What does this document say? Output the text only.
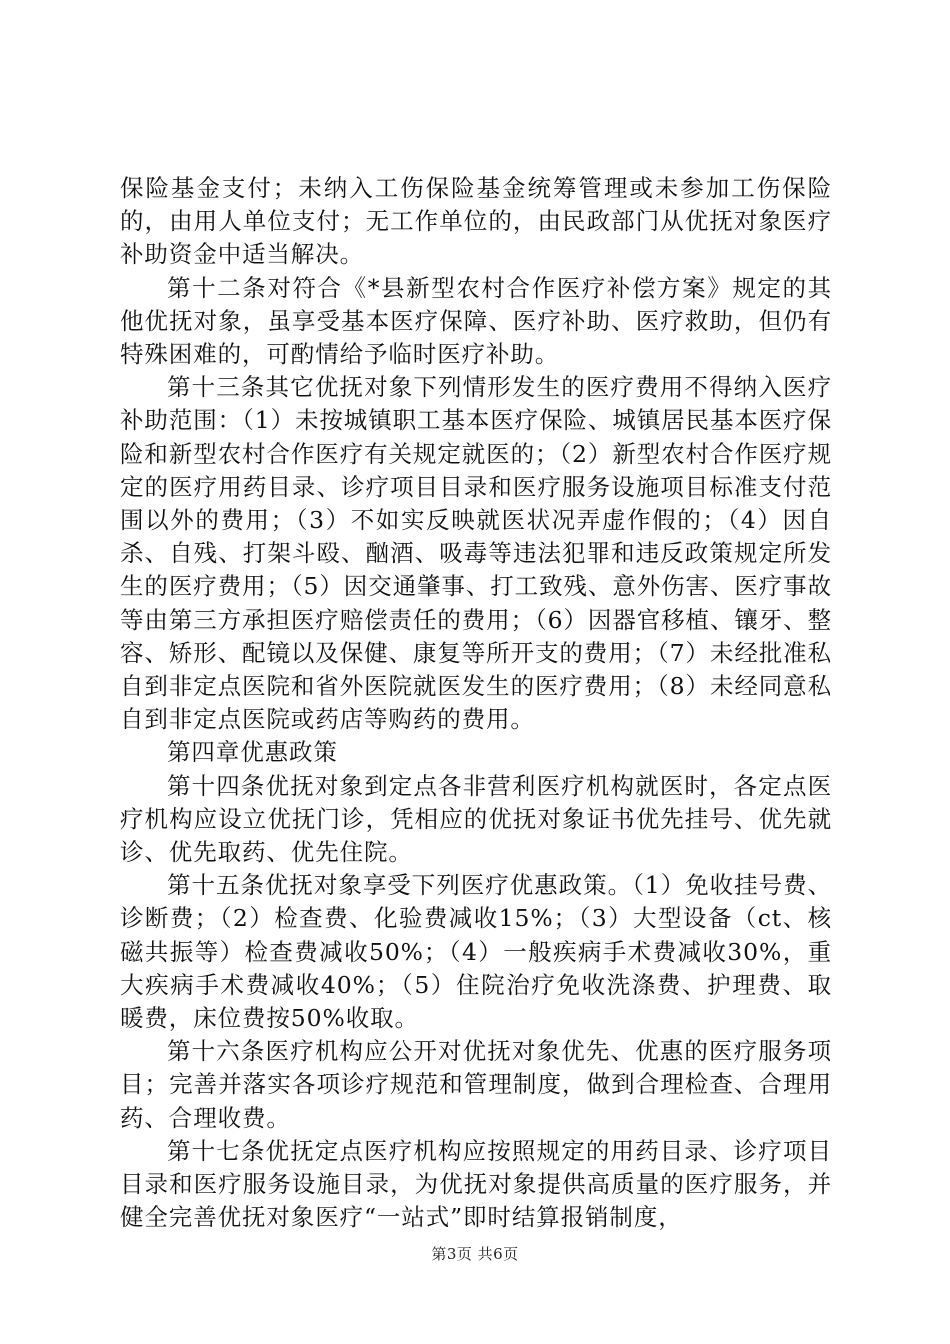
保险基金支付；未纳入工伤保险基金统筹管理或未参加工伤保险的，由用人单位支付；无工作单位的，由民政部门从优抚对象医疗补助资金中适当解决。

第十二条对符合《*县新型农村合作医疗补偿方案》规定的其他优抚对象，虽享受基本医疗保障、医疗补助、医疗救助，但仍有特殊困难的，可酌情给予临时医疗补助。

第十三条其它优抚对象下列情形发生的医疗费用不得纳入医疗补助范围：（1）未按城镇职工基本医疗保险、城镇居民基本医疗保险和新型农村合作医疗有关规定就医的；（2）新型农村合作医疗规定的医疗用药目录、诊疗项目目录和医疗服务设施项目标准支付范围以外的费用；（3）不如实反映就医状况弄虚作假的；（4）因自杀、自残、打架斗殴、酗酒、吸毒等违法犯罪和违反政策规定所发生的医疗费用；（5）因交通肇事、打工致残、意外伤害、医疗事故等由第三方承担医疗赔偿责任的费用；（6）因器官移植、镶牙、整容、矫形、配镜以及保健、康复等所开支的费用；（7）未经批准私自到非定点医院和省外医院就医发生的医疗费用；（8）未经同意私自到非定点医院或药店等购药的费用。

第四章优惠政策

第十四条优抚对象到定点各非营利医疗机构就医时，各定点医疗机构应设立优抚门诊，凭相应的优抚对象证书优先挂号、优先就诊、优先取药、优先住院。

第十五条优抚对象享受下列医疗优惠政策。（1）免收挂号费、诊断费；（2）检查费、化验费减收15%；（3）大型设备（ct、核磁共振等）检查费减收50%；（4）一般疾病手术费减收30%，重大疾病手术费减收40%；（5）住院治疗免收洗涤费、护理费、取暖费，床位费按50%收取。

第十六条医疗机构应公开对优抚对象优先、优惠的医疗服务项目；完善并落实各项诊疗规范和管理制度，做到合理检查、合理用药、合理收费。

第十七条优抚定点医疗机构应按照规定的用药目录、诊疗项目目录和医疗服务设施目录，为优抚对象提供高质量的医疗服务，并健全完善优抚对象医疗“一站式”即时结算报销制度，

第3页 共6页
